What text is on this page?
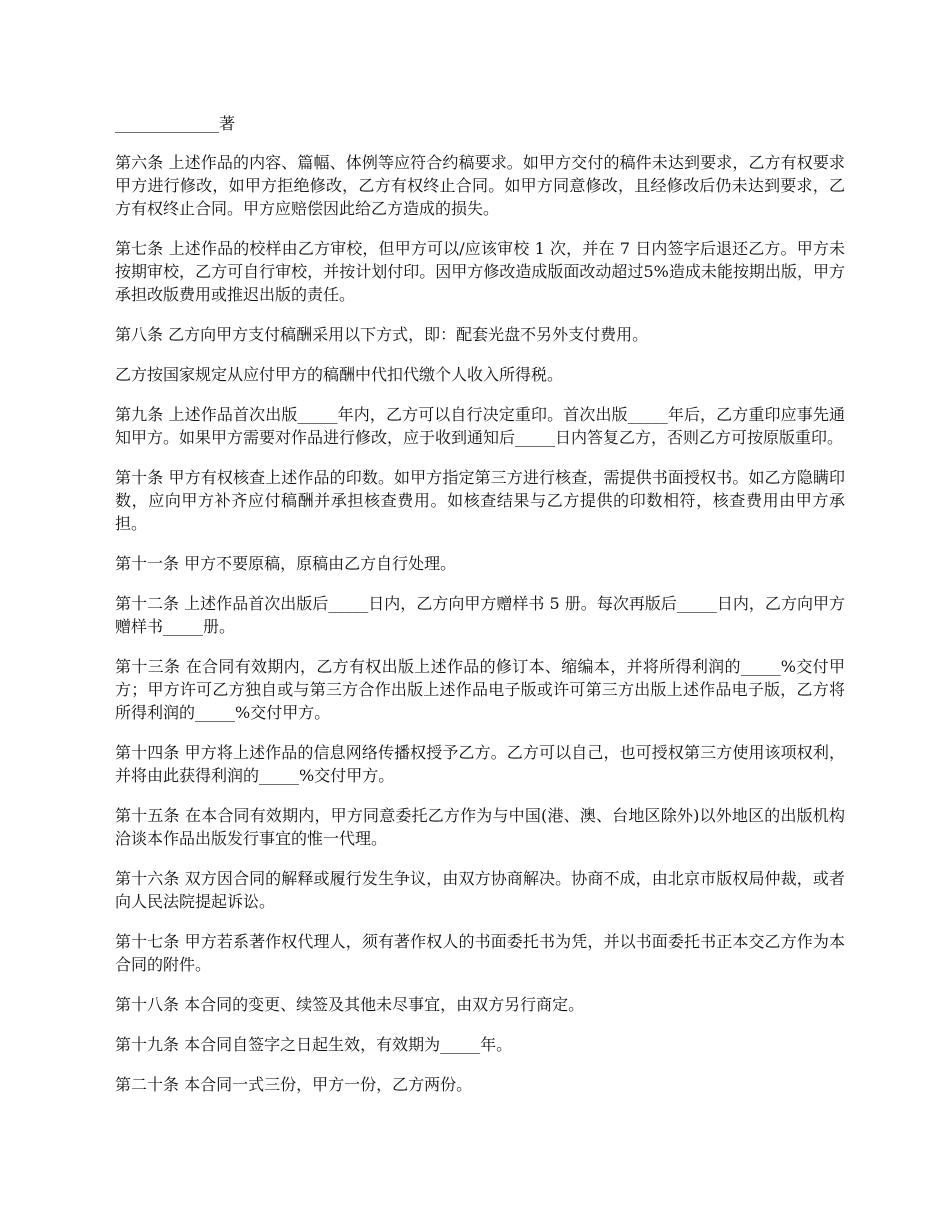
_____________著

第六条 上述作品的内容、篇幅、体例等应符合约稿要求。如甲方交付的稿件未达到要求，乙方有权要求甲方进行修改，如甲方拒绝修改，乙方有权终止合同。如甲方同意修改，且经修改后仍未达到要求，乙方有权终止合同。甲方应赔偿因此给乙方造成的损失。

第七条 上述作品的校样由乙方审校，但甲方可以/应该审校 1 次，并在 7 日内签字后退还乙方。甲方未按期审校，乙方可自行审校，并按计划付印。因甲方修改造成版面改动超过5%造成未能按期出版，甲方承担改版费用或推迟出版的责任。

第八条 乙方向甲方支付稿酬采用以下方式，即：配套光盘不另外支付费用。

乙方按国家规定从应付甲方的稿酬中代扣代缴个人收入所得税。

第九条 上述作品首次出版_____年内，乙方可以自行决定重印。首次出版_____年后，乙方重印应事先通知甲方。如果甲方需要对作品进行修改，应于收到通知后_____日内答复乙方，否则乙方可按原版重印。

第十条 甲方有权核查上述作品的印数。如甲方指定第三方进行核查，需提供书面授权书。如乙方隐瞒印数，应向甲方补齐应付稿酬并承担核查费用。如核查结果与乙方提供的印数相符，核查费用由甲方承担。

第十一条 甲方不要原稿，原稿由乙方自行处理。

第十二条 上述作品首次出版后_____日内，乙方向甲方赠样书 5 册。每次再版后_____日内，乙方向甲方赠样书_____册。

第十三条 在合同有效期内，乙方有权出版上述作品的修订本、缩编本，并将所得利润的_____%交付甲方；甲方许可乙方独自或与第三方合作出版上述作品电子版或许可第三方出版上述作品电子版，乙方将所得利润的_____%交付甲方。

第十四条 甲方将上述作品的信息网络传播权授予乙方。乙方可以自己，也可授权第三方使用该项权利，并将由此获得利润的_____%交付甲方。

第十五条 在本合同有效期内，甲方同意委托乙方作为与中国(港、澳、台地区除外)以外地区的出版机构洽谈本作品出版发行事宜的惟一代理。

第十六条 双方因合同的解释或履行发生争议，由双方协商解决。协商不成，由北京市版权局仲裁，或者向人民法院提起诉讼。

第十七条 甲方若系著作权代理人，须有著作权人的书面委托书为凭，并以书面委托书正本交乙方作为本合同的附件。

第十八条 本合同的变更、续签及其他未尽事宜，由双方另行商定。

第十九条 本合同自签字之日起生效，有效期为_____年。

第二十条 本合同一式三份，甲方一份，乙方两份。
